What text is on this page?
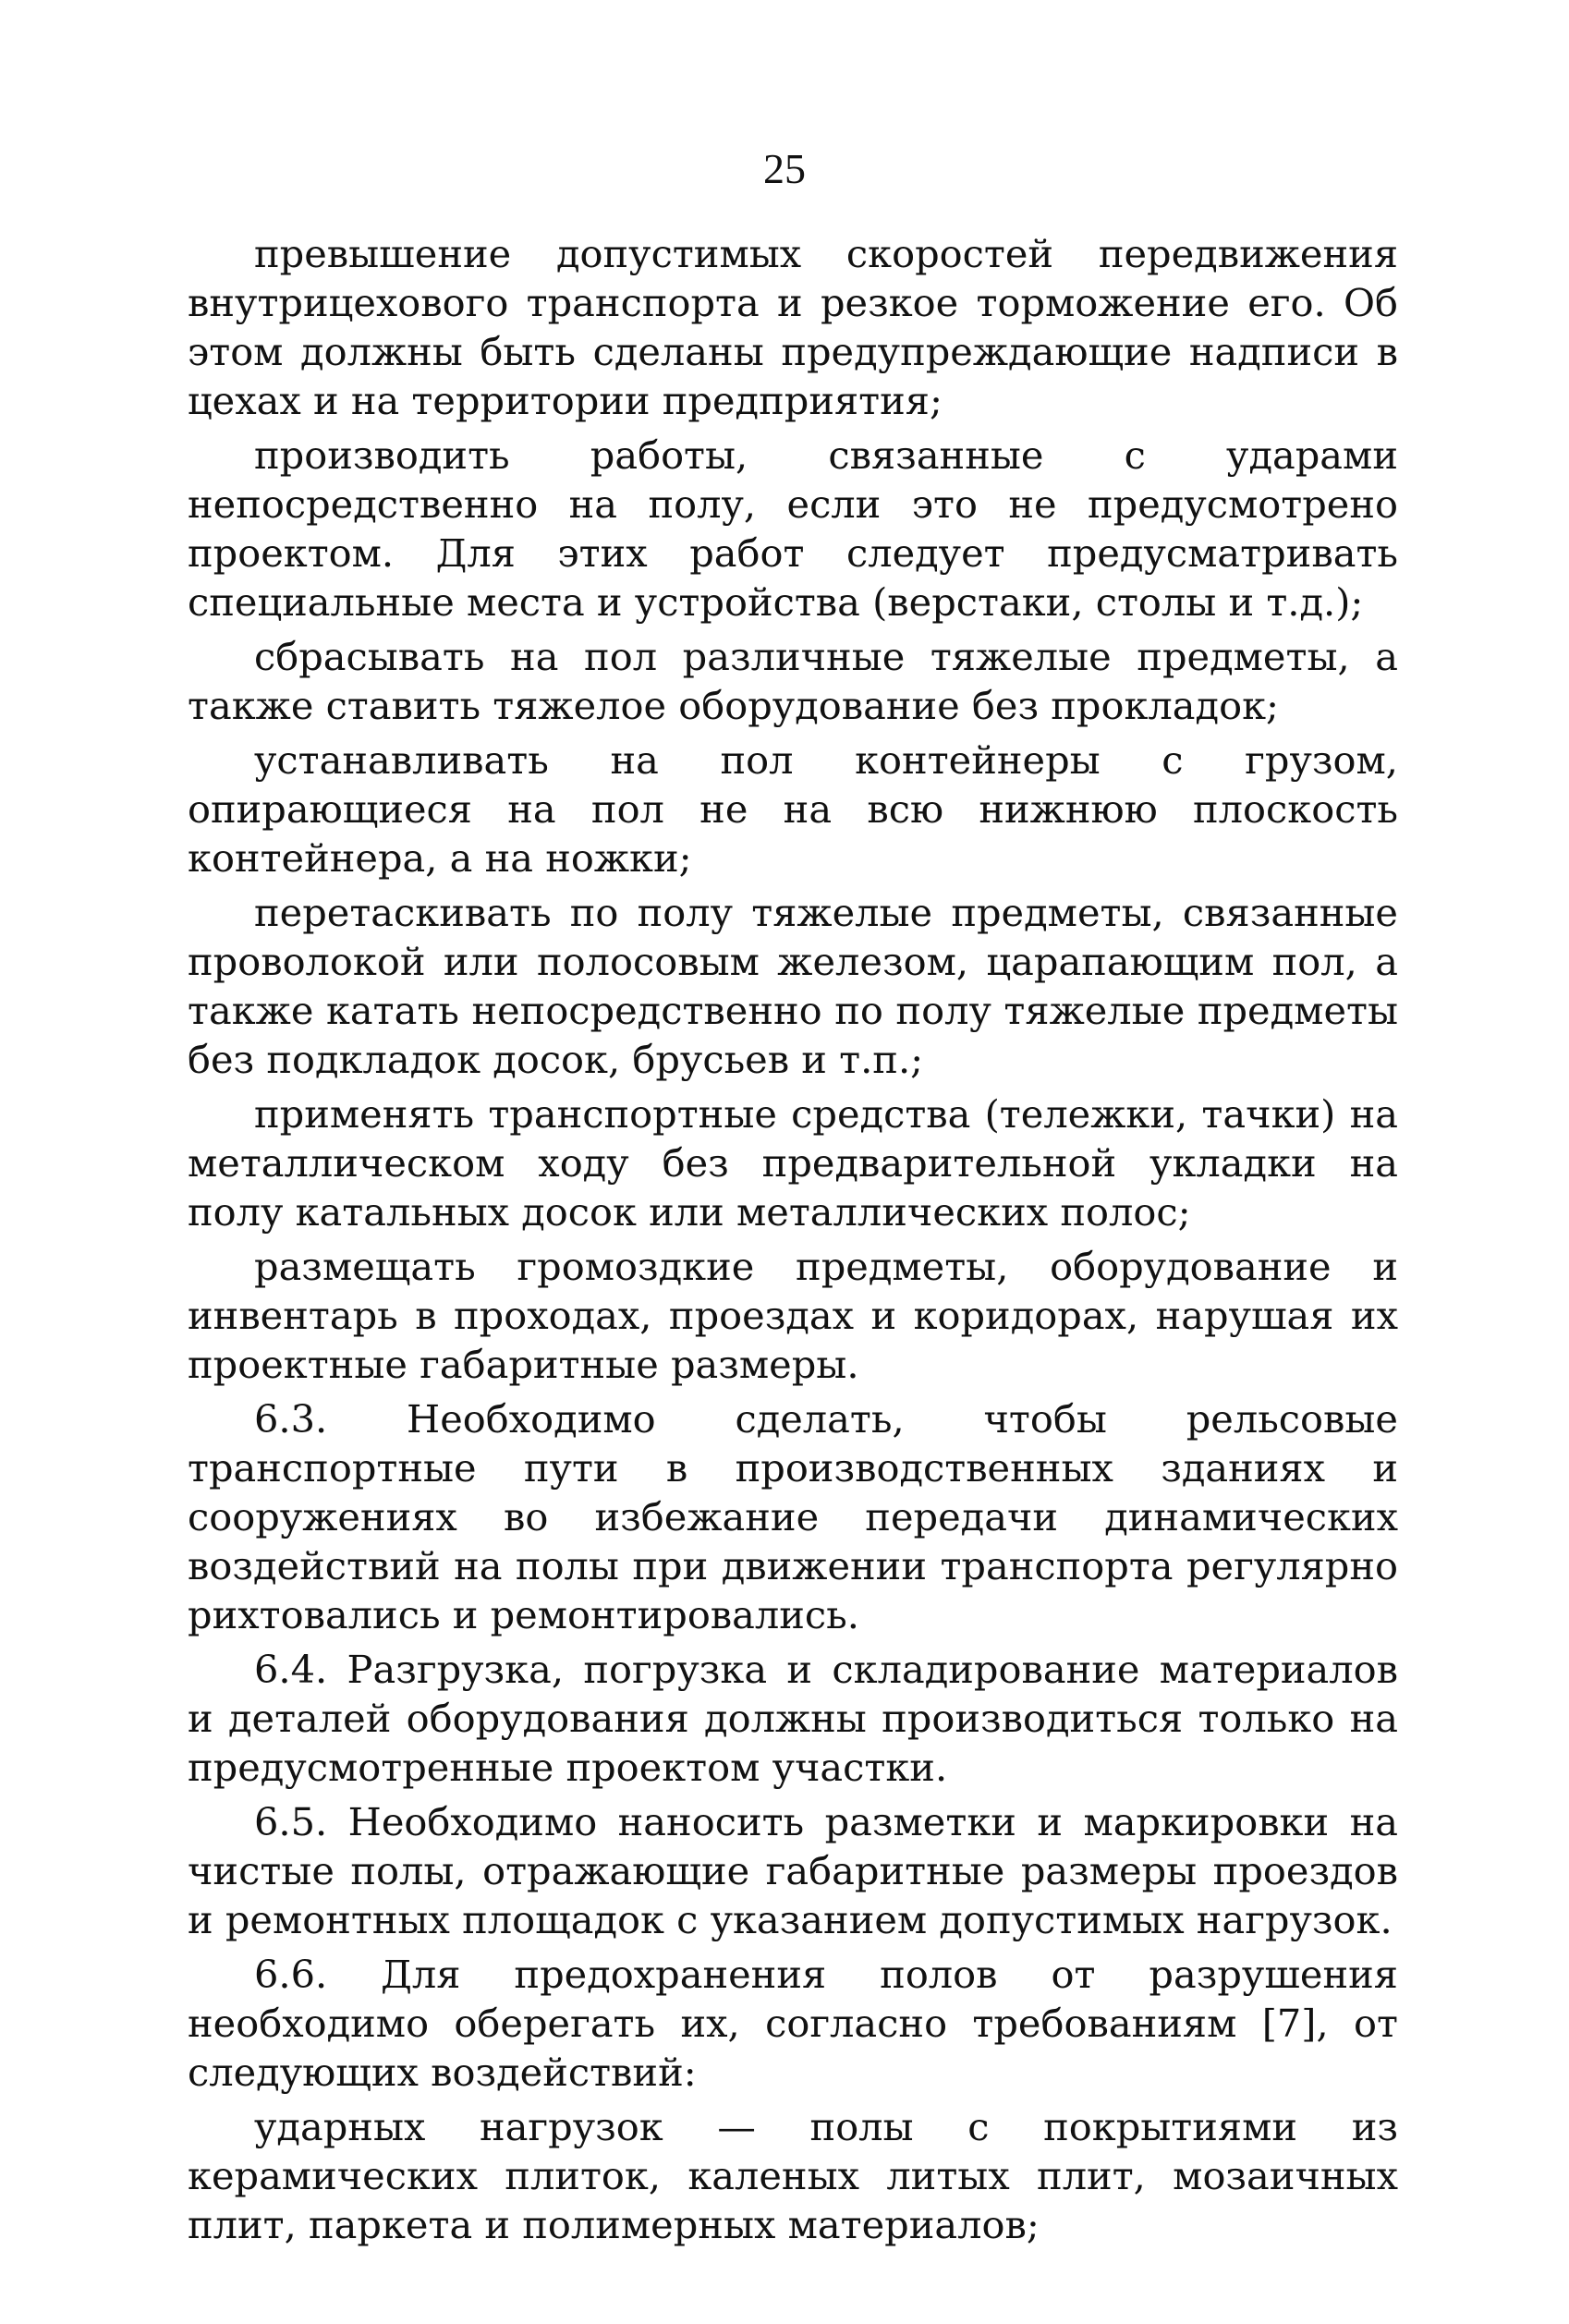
25

превышение допустимых скоростей передвижения внутрицехового транспорта и резкое торможение его. Об этом должны быть сделаны предупреждающие надписи в цехах и на территории предприятия;

производить работы, связанные с ударами непосредственно на полу, если это не предусмотрено проектом. Для этих работ следует предусматривать специальные места и устройства (верстаки, столы и т.д.);

сбрасывать на пол различные тяжелые предметы, а также ставить тяжелое оборудование без прокладок;

устанавливать на пол контейнеры с грузом, опирающиеся на пол не на всю нижнюю плоскость контейнера, а на ножки;

перетаскивать по полу тяжелые предметы, связанные проволокой или полосовым железом, царапающим пол, а также катать непосредственно по полу тяжелые предметы без подкладок досок, брусьев и т.п.;

применять транспортные средства (тележки, тачки) на металлическом ходу без предварительной укладки на полу катальных досок или металлических полос;

размещать громоздкие предметы, оборудование и инвентарь в проходах, проездах и коридорах, нарушая их проектные габаритные размеры.

6.3. Необходимо сделать, чтобы рельсовые транспортные пути в производственных зданиях и сооружениях во избежание передачи динамических воздействий на полы при движении транспорта регулярно рихтовались и ремонтировались.

6.4. Разгрузка, погрузка и складирование материалов и деталей оборудования должны производиться только на предусмотренные проектом участки.

6.5. Необходимо наносить разметки и маркировки на чистые полы, отражающие габаритные размеры проездов и ремонтных площадок с указанием допустимых нагрузок.

6.6. Для предохранения полов от разрушения необходимо оберегать их, согласно требованиям [7], от следующих воздействий:

ударных нагрузок — полы с покрытиями из керамических плиток, каленых литых плит, мозаичных плит, паркета и полимерных материалов;
